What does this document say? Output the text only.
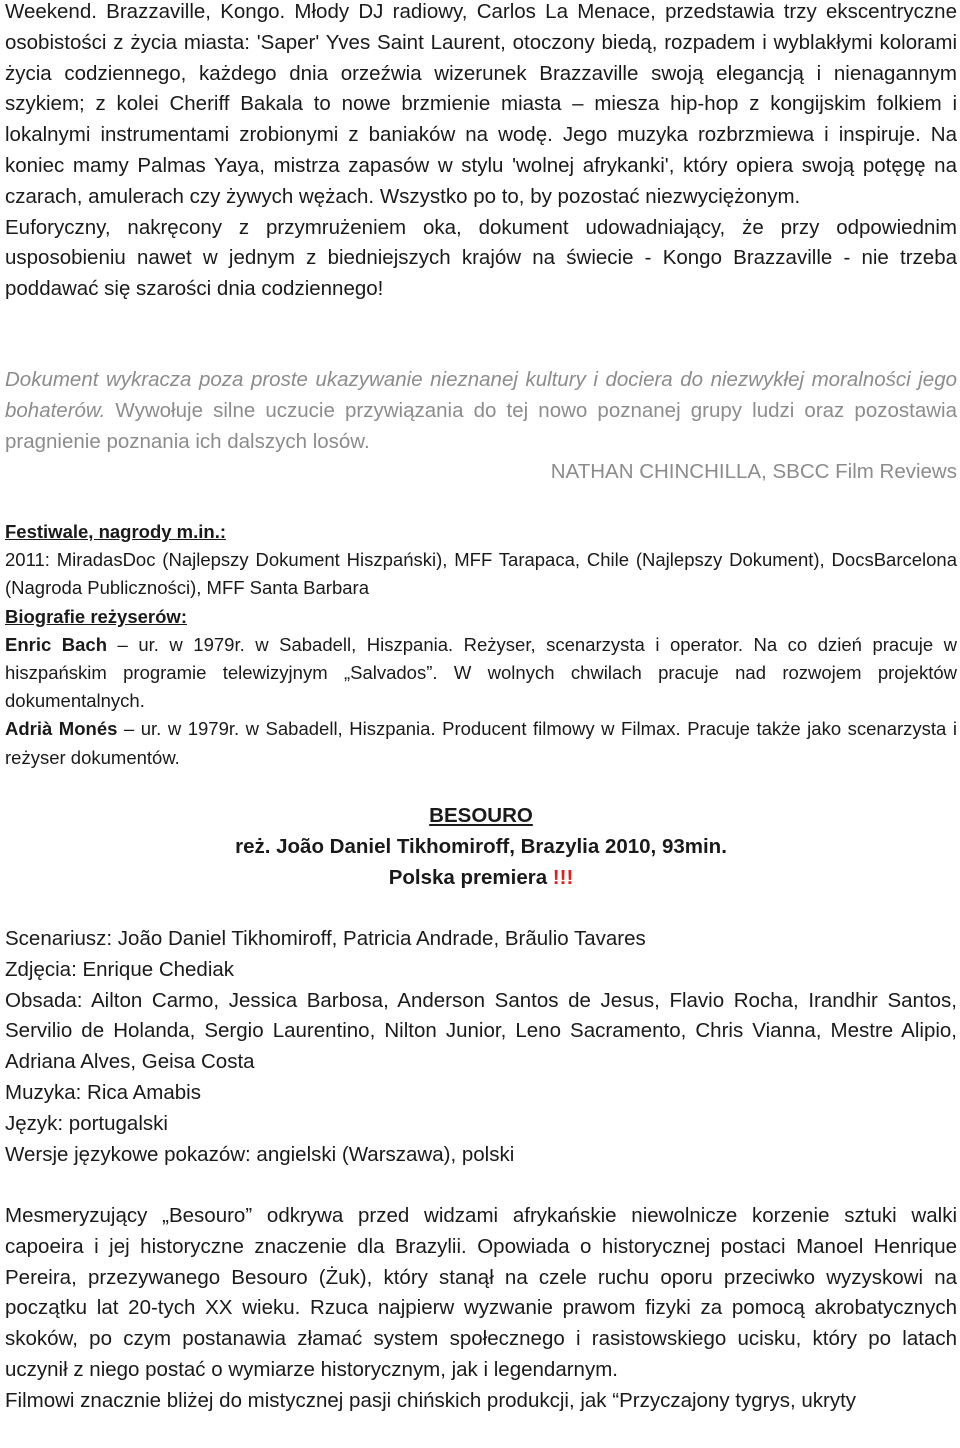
Weekend. Brazzaville, Kongo. Młody DJ radiowy, Carlos La Menace, przedstawia trzy ekscentryczne osobistości z życia miasta: 'Saper' Yves Saint Laurent, otoczony biedą, rozpadem i wyblakłymi kolorami życia codziennego, każdego dnia orzeźwia wizerunek Brazzaville swoją elegancją i nienagannym szykiem; z kolei Cheriff Bakala to nowe brzmienie miasta – miesza hip-hop z kongijskim folkiem i lokalnymi instrumentami zrobionymi z baniaków na wodę. Jego muzyka rozbrzmiewa i inspiruje. Na koniec mamy Palmas Yaya, mistrza zapasów w stylu 'wolnej afrykanki', który opiera swoją potęgę na czarach, amulerach czy żywych wężach. Wszystko po to, by pozostać niezwyciężonym.

Euforyczny, nakręcony z przymrużeniem oka, dokument udowadniający, że przy odpowiednim usposobieniu nawet w jednym z biedniejszych krajów na świecie - Kongo Brazzaville - nie trzeba poddawać się szarości dnia codziennego!

Dokument wykracza poza proste ukazywanie nieznanej kultury i dociera do niezwykłej moralności jego bohaterów. Wywołuje silne uczucie przywiązania do tej nowo poznanej grupy ludzi oraz pozostawia pragnienie poznania ich dalszych losów.

NATHAN CHINCHILLA, SBCC Film Reviews

Festiwale, nagrody m.in.:

2011: MiradasDoc (Najlepszy Dokument Hiszpański), MFF Tarapaca, Chile (Najlepszy Dokument), DocsBarcelona (Nagroda Publiczności), MFF Santa Barbara

Biografie reżyserów:

Enric Bach – ur. w 1979r. w Sabadell, Hiszpania. Reżyser, scenarzysta i operator. Na co dzień pracuje w hiszpańskim programie telewizyjnym „Salvados”. W wolnych chwilach pracuje nad rozwojem projektów dokumentalnych.

Adrià Monés – ur. w 1979r. w Sabadell, Hiszpania. Producent filmowy w Filmax. Pracuje także jako scenarzysta i reżyser dokumentów.

BESOURO
reż. João Daniel Tikhomiroff, Brazylia 2010, 93min.
Polska premiera !!!

Scenariusz: João Daniel Tikhomiroff, Patricia Andrade, Brãulio Tavares

Zdjęcia: Enrique Chediak

Obsada: Ailton Carmo, Jessica Barbosa, Anderson Santos de Jesus, Flavio Rocha, Irandhir Santos, Servilio de Holanda, Sergio Laurentino, Nilton Junior, Leno Sacramento, Chris Vianna, Mestre Alipio, Adriana Alves, Geisa Costa

Muzyka: Rica Amabis

Język: portugalski

Wersje językowe pokazów: angielski (Warszawa), polski

Mesmeryzujący „Besouro” odkrywa przed widzami afrykańskie niewolnicze korzenie sztuki walki capoeira i jej historyczne znaczenie dla Brazylii. Opowiada o historycznej postaci Manoel Henrique Pereira, przezywanego Besouro (Żuk), który stanął na czele ruchu oporu przeciwko wyzyskowi na początku lat 20-tych XX wieku. Rzuca najpierw wyzwanie prawom fizyki za pomocą akrobatycznych skoków, po czym postanawia złamać system społecznego i rasistowskiego ucisku, który po latach uczynił z niego postać o wymiarze historycznym, jak i legendarnym.

Filmowi znacznie bliżej do mistycznej pasji chińskich produkcji, jak “Przyczajony tygrys, ukryty
